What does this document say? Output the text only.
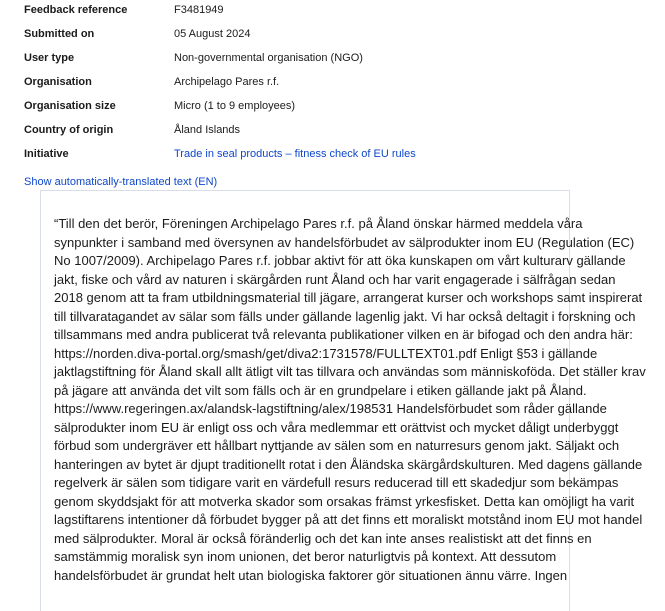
Feedback reference	F3481949
Submitted on	05 August 2024
User type	Non-governmental organisation (NGO)
Organisation	Archipelago Pares r.f.
Organisation size	Micro (1 to 9 employees)
Country of origin	Åland Islands
Initiative	Trade in seal products – fitness check of EU rules
Show automatically-translated text (EN)

“Till den det berör, Föreningen Archipelago Pares r.f. på Åland önskar härmed meddela våra synpunkter i samband med översynen av handelsförbudet av sälprodukter inom EU (Regulation (EC) No 1007/2009). Archipelago Pares r.f. jobbar aktivt för att öka kunskapen om vårt kulturarv gällande jakt, fiske och vård av naturen i skärgården runt Åland och har varit engagerade i sälfrågan sedan 2018 genom att ta fram utbildningsmaterial till jägare, arrangerat kurser och workshops samt inspirerat till tillvaratagandet av sälar som fälls under gällande lagenlig jakt. Vi har också deltagit i forskning och tillsammans med andra publicerat två relevanta publikationer vilken en är bifogad och den andra här: https://norden.diva-portal.org/smash/get/diva2:1731578/FULLTEXT01.pdf Enligt §53 i gällande jaktlagstiftning för Åland skall allt ätligt vilt tas tillvara och användas som människoföda. Det ställer krav på jägare att använda det vilt som fälls och är en grundpelare i etiken gällande jakt på Åland. https://www.regeringen.ax/alandsk-lagstiftning/alex/198531 Handelsförbudet som råder gällande sälprodukter inom EU är enligt oss och våra medlemmar ett orättvist och mycket dåligt underbyggt förbud som undergräver ett hållbart nyttjande av sälen som en naturresurs genom jakt. Säljakt och hanteringen av bytet är djupt traditionellt rotat i den Åländska skärgårdskulturen. Med dagens gällande regelverk är sälen som tidigare varit en värdefull resurs reducerad till ett skadedjur som bekämpas genom skyddsjakt för att motverka skador som orsakas främst yrkesfisket. Detta kan omöjligt ha varit lagstiftarens intentioner då förbudet bygger på att det finns ett moraliskt motstånd inom EU mot handel med sälprodukter. Moral är också föränderlig och det kan inte anses realistiskt att det finns en samstämmig moralisk syn inom unionen, det beror naturligtvis på kontext. Att dessutom handelsförbudet är grundat helt utan biologiska faktorer gör situationen ännu värre. Ingen
